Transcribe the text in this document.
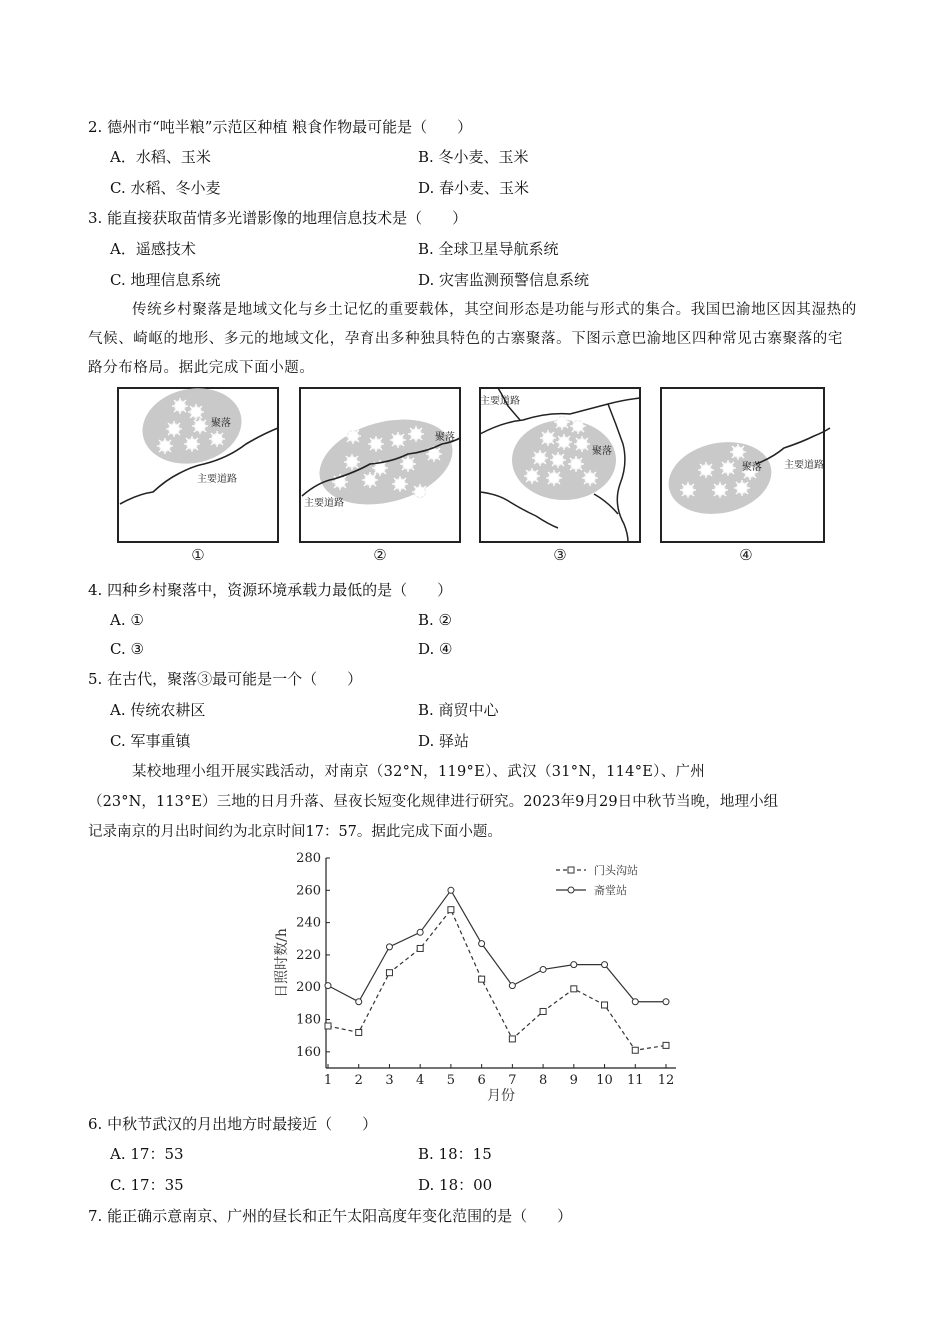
2. 德州市“吨半粮”示范区种植 粮食作物最可能是（　　）
A．水稻、玉米	B. 冬小麦、玉米
C. 水稻、冬小麦	D. 春小麦、玉米
3. 能直接获取苗情多光谱影像的地理信息技术是（　　）
A．遥感技术	B. 全球卫星导航系统
C. 地理信息系统	D. 灾害监测预警信息系统
传统乡村聚落是地域文化与乡土记忆的重要载体，其空间形态是功能与形式的集合。我国巴渝地区因其湿热的气候、崎岖的地形、多元的地域文化，孕育出多种独具特色的古寨聚落。下图示意巴渝地区四种常见古寨聚落的宅路分布格局。据此完成下面小题。
聚落
主要道路
聚落
主要道路
聚落
主要道路
聚落 主要道路
①	②	③	④
4. 四种乡村聚落中，资源环境承载力最低的是（　　）
A. ①	B. ②
C. ③	D. ④
5. 在古代，聚落③最可能是一个（　　）
A. 传统农耕区	B. 商贸中心
C. 军事重镇	D. 驿站
某校地理小组开展实践活动，对南京（32°N，119°E）、武汉（31°N，114°E）、广州
（23°N，113°E）三地的日月升落、昼夜长短变化规律进行研究。2023年9月29日中秋节当晚，地理小组
记录南京的月出时间约为北京时间17：57。据此完成下面小题。
160
180
200
220
240
260
280
1 2 3 4 5 6 7 8 9 10 11 12
月份
日照时数/h
门头沟站
斋堂站
6. 中秋节武汉的月出地方时最接近（　　）
A. 17：53	B. 18：15
C. 17：35	D. 18：00
7. 能正确示意南京、广州的昼长和正午太阳高度年变化范围的是（　　）
